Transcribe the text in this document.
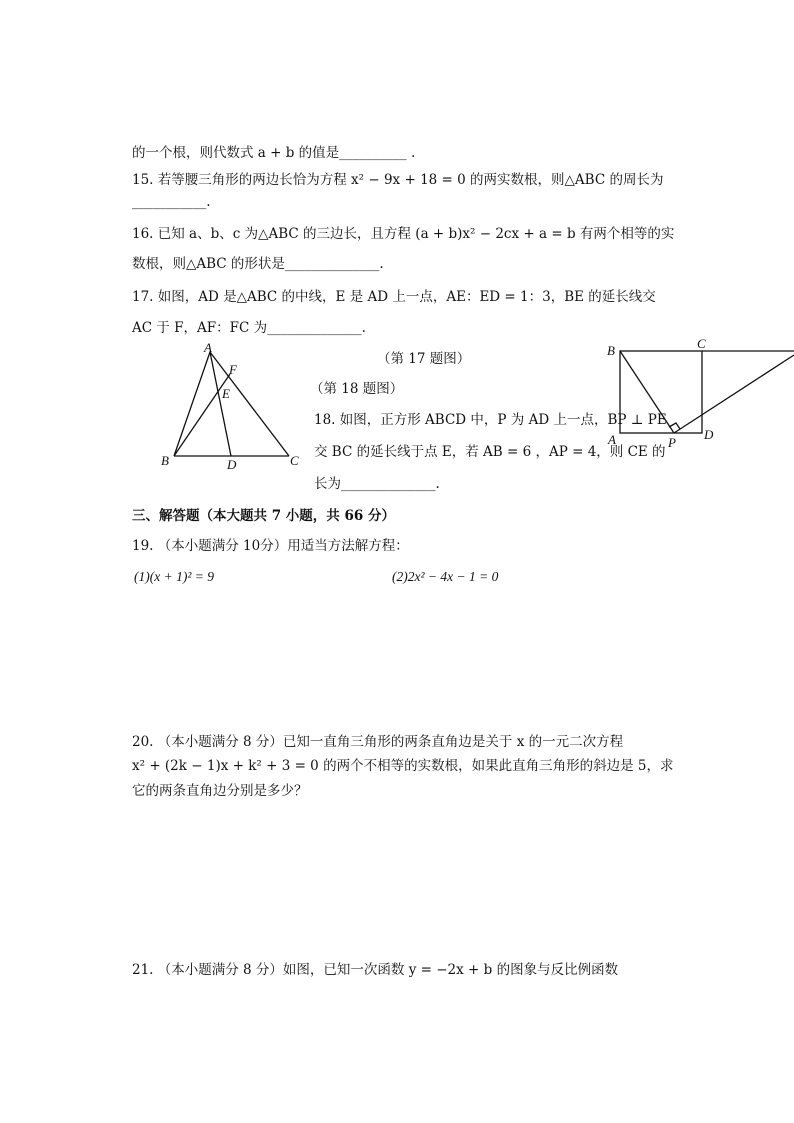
的一个根，则代数式 a + b 的值是__________ .
15. 若等腰三角形的两边长恰为方程 x² − 9x + 18 = 0 的两实数根，则△ABC 的周长为
___________.
16. 已知 a、b、c 为△ABC 的三边长，且方程 (a + b)x² − 2cx + a = b 有两个相等的实
数根，则△ABC 的形状是______________.
17. 如图，AD 是△ABC 的中线，E 是 AD 上一点，AE：ED = 1：3，BE 的延长线交
AC 于 F，AF：FC 为______________.
A
F
E
B	D	C
（第 17 题图）
（第 18 题图）
18. 如图，正方形 ABCD 中，P 为 AD 上一点，BP ⊥ PE
交 BC 的延长线于点 E，若 AB = 6 ，AP = 4，则 CE 的
长为______________.
B	C
A	D
P
三、解答题（本大题共 7 小题，共 66 分）
19. （本小题满分 10分）用适当方法解方程：
(1)(x + 1)² = 9	(2)2x² − 4x − 1 = 0
20. （本小题满分 8 分）已知一直角三角形的两条直角边是关于 x 的一元二次方程
x² + (2k − 1)x + k² + 3 = 0 的两个不相等的实数根，如果此直角三角形的斜边是 5，求
它的两条直角边分别是多少？
21. （本小题满分 8 分）如图，已知一次函数 y = −2x + b 的图象与反比例函数
